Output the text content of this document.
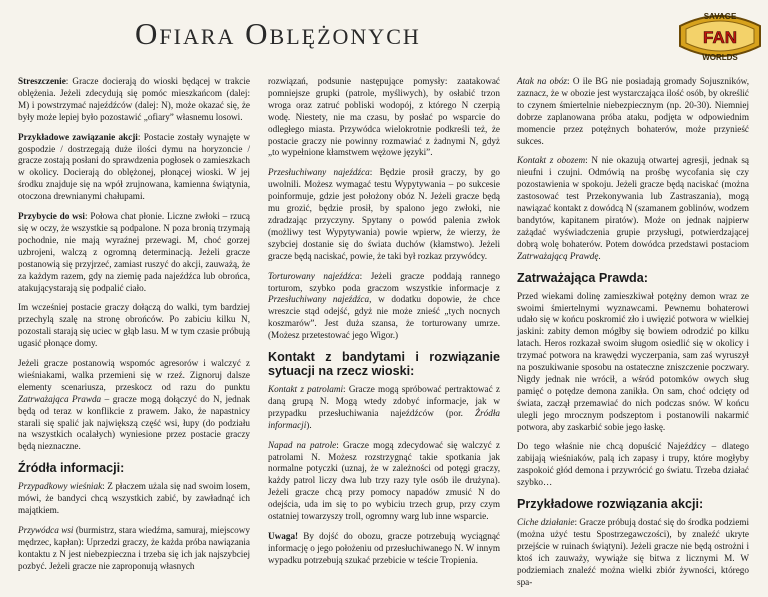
Ofiara Oblężonych	SAVAGE
FAN
WORLDS

Streszczenie: Gracze docierają do wioski będącej w trakcie oblężenia. Jeżeli zdecydują się pomóc mieszkańcom (dalej: M) i powstrzymać najeźdźców (dalej: N), może okazać się, że były może lepiej było pozostawić „ofiary” własnemu losowi.

Przykładowe zawiązanie akcji: Postacie zostały wynajęte w gospodzie / dostrzegają duże ilości dymu na horyzoncie / gracze zostają posłani do sprawdzenia pogłosek o zamieszkach w okolicy. Docierają do oblężonej, płonącej wioski. W jej środku znajduje się na wpół zrujnowana, kamienna świątynia, otoczona drewnianymi chałupami.

Przybycie do wsi: Połowa chat płonie. Liczne zwłoki – rzucą się w oczy, że wszystkie są podpalone. N poza bronią trzymają pochodnie, nie mają wyraźnej przewagi. M, choć gorzej uzbrojeni, walczą z ogromną determinacją. Jeżeli gracze postanowią się przyjrzeć, zamiast ruszyć do akcji, zauważą, że za każdym razem, gdy na ziemię pada najeźdźca lub obrońca, atakującystarają się podpalić ciało.

Im wcześniej postacie graczy dołączą do walki, tym bardziej przechylą szalę na stronę obrońców. Po zabiciu kilku N, pozostali starają się uciec w głąb lasu. M w tym czasie próbują ugasić płonące domy.

Jeżeli gracze postanowią wspomóc agresorów i walczyć z wieśniakami, walka przemieni się w rzeź. Zignoruj dalsze elementy scenariusza, przeskocz od razu do punktu Zatrważająca Prawda – gracze mogą dołączyć do N, jednak będą od teraz w konflikcie z prawem. Jako, że napastnicy starali się spalić jak największą część wsi, łupy (do podziału na wszystkich ocalałych) wyniesione przez postacie graczy będą nieznaczne.

Źródła informacji:

Przypadkowy wieśniak: Z płaczem użala się nad swoim losem, mówi, że bandyci chcą wszystkich zabić, by zawładnąć ich majątkiem.

Przywódca wsi (burmistrz, stara wiedźma, samuraj, miejscowy mędrzec, kapłan): Uprzedzi graczy, że każda próba nawiązania kontaktu z N jest niebezpieczna i trzeba się ich jak najszybciej pozbyć. Jeżeli gracze nie zaproponują własnych

rozwiązań, podsunie następujące pomysły: zaatakować pomniejsze grupki (patrole, myśliwych), by osłabić trzon wroga oraz zatruć pobliski wodopój, z którego N czerpią wodę. Niestety, nie ma czasu, by posłać po wsparcie do odległego miasta. Przywódca wielokrotnie podkreśli też, że postacie graczy nie powinny rozmawiać z żadnymi N, gdyż „to wypełnione kłamstwem wężowe języki”.

Przesłuchiwany najeźdźca: Będzie prosił graczy, by go uwolnili. Możesz wymagać testu Wypytywania – po sukcesie poinformuje, gdzie jest położony obóz N. Jeżeli gracze będą mu grozić, będzie prosił, by spalono jego zwłoki, nie zdradzając przyczyny. Spytany o powód palenia zwłok (możliwy test Wypytywania) powie wpierw, że wierzy, że szybciej dostanie się do świata duchów (kłamstwo). Jeżeli gracze będą naciskać, powie, że taki był rozkaz przywódcy.

Torturowany najeźdźca: Jeżeli gracze poddają rannego torturom, szybko poda graczom wszystkie informacje z Przesłuchiwany najeźdźca, w dodatku dopowie, że chce wreszcie stąd odejść, gdyż nie może znieść „tych nocnych koszmarów”. Jest duża szansa, że torturowany umrze. (Możesz przetestować jego Wigor.)

Kontakt z bandytami i rozwiązanie sytuacji na rzecz wioski:

Kontakt z patrolami: Gracze mogą spróbować pertraktować z daną grupą N. Mogą wtedy zdobyć informacje, jak w przypadku przesłuchiwania najeźdźców (por. Źródła informacji).

Napad na patrole: Gracze mogą zdecydować się walczyć z patrolami N. Możesz rozstrzygnąć takie spotkania jak normalne potyczki (uznaj, że w zależności od potęgi graczy, każdy patrol liczy dwa lub trzy razy tyle osób ile drużyna). Jeżeli gracze chcą przy pomocy napadów zmusić N do odejścia, uda im się to po wybiciu trzech grup, przy czym ostatniej towarzyszy troll, ogromny warg lub inne wsparcie.

Uwaga! By dojść do obozu, gracze potrzebują wyciągnąć informację o jego położeniu od przesłuchiwanego N. W innym wypadku potrzebują szukać przebicie w teście Tropienia.

Atak na obóz: O ile BG nie posiadają gromady Sojuszników, zaznacz, że w obozie jest wystarczająca ilość osób, by określić to czynem śmiertelnie niebezpiecznym (np. 20-30). Niemniej dobrze zaplanowana próba ataku, podjęta w odpowiednim momencie przez potężnych bohaterów, może przynieść sukces.

Kontakt z obozem: N nie okazują otwartej agresji, jednak są nieufni i czujni. Odmówią na prośbę wycofania się czy pozostawienia w spokoju. Jeżeli gracze będą naciskać (można zastosować test Przekonywania lub Zastraszania), mogą nawiązać kontakt z dowódcą N (szamanem goblinów, wodzem bandytów, kapitanem piratów). Może on jednak najpierw zażądać wyświadczenia grupie przysługi, potwierdzającej dobrą wolę bohaterów. Potem dowódca przedstawi postaciom Zatrważającą Prawdę.

Zatrważająca Prawda:

Przed wiekami dolinę zamieszkiwał potężny demon wraz ze swoimi śmiertelnymi wyznawcami. Pewnemu bohaterowi udało się w końcu poskromić zło i uwięzić potwora w wielkiej jaskini: zabity demon mógłby się bowiem odrodzić po kilku latach. Heros rozkazał swoim sługom osiedlić się w okolicy i trzymać potwora na krawędzi wyczerpania, sam zaś wyruszył na poszukiwanie sposobu na ostateczne zniszczenie poczwary. Nigdy jednak nie wrócił, a wśród potomków owych sług pamięć o potędze demona zanikła. On sam, choć odcięty od świata, zaczął przemawiać do nich podczas snów. W końcu ulegli jego mrocznym podszeptom i postanowili nakarmić potwora, aby zaskarbić sobie jego łaskę.

Do tego właśnie nie chcą dopuścić Najeźdźcy – dlatego zabijają wieśniaków, palą ich zapasy i trupy, które mogłyby zaspokoić głód demona i przywrócić go światu. Trzeba działać szybko…

Przykładowe rozwiązania akcji:

Ciche działanie: Gracze próbują dostać się do środka podziemi (można użyć testu Spostrzegawczości), by znaleźć ukryte przejście w ruinach świątyni). Jeżeli gracze nie będą ostrożni i ktoś ich zauważy, wywiąże się bitwa z licznymi M. W podziemiach znaleźć można wielki zbiór żywności, którego spa-
